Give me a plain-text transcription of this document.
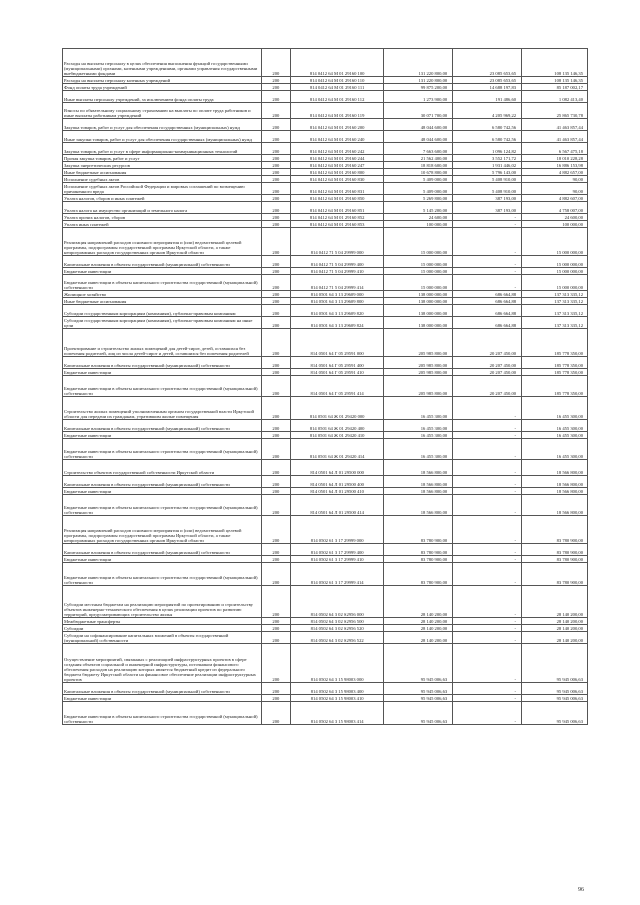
Расходы на выплаты персоналу в целях обеспечения выполнения функций государственными (муниципальными) органами, казенными учреждениями, органами управления государственными внебюджетными фондами	200	814 0412 64 М 01 29160 100	131 220 800,00	23 085 653,65	108 135 146,35
Расходы на выплаты персоналу казенных учреждений	200	814 0412 64 М 01 29160 110	131 220 800,00	23 085 653,65	108 135 146,35
Фонд оплаты труда учреждений	200	814 0412 64 М 01 29160 111	99 875 200,00	14 688 197,83	85 187 002,17
Иные выплаты персоналу учреждений, за исключением фонда оплаты труда	200	814 0412 64 М 01 29160 112	1 273 900,00	191 486,60	1 082 413,40
Взносы по обязательному социальному страхованию на выплаты по оплате труда работников и иные выплаты работникам учреждений	200	814 0412 64 М 01 29160 119	30 071 700,00	4 205 969,22	25 865 730,78
Закупка товаров, работ и услуг для обеспечения государственных (муниципальных) нужд	200	814 0412 64 М 01 29160 200	48 044 600,00	6 580 742,56	41 463 857,44
Иные закупки товаров, работ и услуг для обеспечения государственных (муниципальных) нужд	200	814 0412 64 М 01 29160 240	48 044 600,00	6 580 742,56	41 463 857,44
Закупка товаров, работ и услуг в сфере информационно-коммуникационных технологий	200	814 0412 64 М 01 29160 242	7 663 600,00	1 096 124,82	6 567 475,18
Прочая закупка товаров, работ и услуг	200	814 0412 64 М 01 29160 244	21 562 400,00	3 552 171,72	18 010 228,28
Закупка энергетических ресурсов	200	814 0412 64 М 01 29160 247	18 818 600,00	1 931 446,02	16 886 153,98
Иные бюджетные ассигнования	200	814 0412 64 М 01 29160 800	10 678 800,00	5 796 143,00	4 882 657,00
Исполнение судебных актов	200	814 0412 64 М 01 29160 830	5 409 000,00	5 408 910,00	90,00
Исполнение судебных актов Российской Федерации и мировых соглашений по возмещению причиненного вреда	200	814 0412 64 М 01 29160 831	5 409 000,00	5 408 910,00	90,00
Уплата налогов, сборов и иных платежей	200	814 0412 64 М 01 29160 850	5 269 800,00	387 193,00	4 882 607,00
Уплата налога на имущество организаций и земельного налога	200	814 0412 64 М 01 29160 851	5 145 200,00	387 193,00	4 758 007,00
Уплата прочих налогов, сборов	200	814 0412 64 М 01 29160 852	24 600,00	-	24 600,00
Уплата иных платежей	200	814 0412 64 М 01 29160 853	100 000,00	-	100 000,00
Реализация направлений расходов основного мероприятия и (или) ведомственной целевой программы, подпрограммы государственной программы Иркутской области, а также непрограммных расходов государственных органов Иркутской области	200	814 0412 71 5 04 29999 000	15 000 000,00	-	15 000 000,00
Капитальные вложения в объекты государственной (муниципальной) собственности	200	814 0412 71 5 04 29999 400	15 000 000,00	-	15 000 000,00
Бюджетные инвестиции	200	814 0412 71 5 04 29999 410	15 000 000,00	-	15 000 000,00
Бюджетные инвестиции в объекты капитального строительства государственной (муниципальной) собственности	200	814 0412 71 5 04 29999 414	15 000 000,00	-	15 000 000,00
Жилищное хозяйство	200	814 0501 64 3 13 29609 000	138 000 000,00	686 664,88	137 313 335,12
Иные бюджетные ассигнования	200	814 0501 64 3 13 29609 800	138 000 000,00	686 664,88	137 313 335,12
Субсидии государственным корпорациям (компаниям), публично-правовым компаниям	200	814 0501 64 3 13 29609 820	138 000 000,00	686 664,88	137 313 335,12
Субсидии государственным корпорациям (компаниям), публично-правовым компаниям на иные цели	200	814 0501 64 3 13 29609 824	138 000 000,00	686 664,88	137 313 335,12
Проектирование и строительство жилых помещений для детей-сирот, детей, оставшихся без попечения родителей, лиц из числа детей-сирот и детей, оставшихся без попечения родителей	200	814 0501 64 Г 05 29591 000	205 985 800,00	20 207 450,00	185 778 350,00
Капитальные вложения в объекты государственной (муниципальной) собственности	200	814 0501 64 Г 05 29591 400	205 985 800,00	20 207 450,00	185 778 350,00
Бюджетные инвестиции	200	814 0501 64 Г 05 29591 410	205 985 800,00	20 207 450,00	185 778 350,00
Бюджетные инвестиции в объекты капитального строительства государственной (муниципальной) собственности	200	814 0501 64 Г 05 29591 414	205 985 800,00	20 207 450,00	185 778 350,00
Строительство жилых помещений уполномоченным органом государственной власти Иркутской области для передачи их гражданам, утратившим жилые помещения	200	814 0501 64 Ж 01 29420 000	16 455 300,00	-	16 455 300,00
Капитальные вложения в объекты государственной (муниципальной) собственности	200	814 0501 64 Ж 01 29420 400	16 455 300,00	-	16 455 300,00
Бюджетные инвестиции	200	814 0501 64 Ж 01 29420 410	16 455 300,00	-	16 455 300,00
Бюджетные инвестиции в объекты капитального строительства государственной (муниципальной) собственности	200	814 0501 64 Ж 01 29420 414	16 455 300,00	-	16 455 300,00
Строительство объектов государственной собственности Иркутской области	200	814 0501 64 Л 01 29500 000	18 566 800,00	-	18 566 800,00
Капитальные вложения в объекты государственной (муниципальной) собственности	200	814 0501 64 Л 01 29500 400	18 566 800,00	-	18 566 800,00
Бюджетные инвестиции	200	814 0501 64 Л 01 29500 410	18 566 800,00	-	18 566 800,00
Бюджетные инвестиции в объекты капитального строительства государственной (муниципальной) собственности	200	814 0501 64 Л 01 29500 414	18 566 800,00	-	18 566 800,00
Реализация направлений расходов основного мероприятия и (или) ведомственной целевой программы, подпрограммы государственной программы Иркутской области, а также непрограммных расходов государственных органов Иркутской области	200	814 0502 61 3 17 29999 000	83 780 900,00	-	83 780 900,00
Капитальные вложения в объекты государственной (муниципальной) собственности	200	814 0502 61 3 17 29999 400	83 780 900,00	-	83 780 900,00
Бюджетные инвестиции	200	814 0502 61 3 17 29999 410	83 780 900,00	-	83 780 900,00
Бюджетные инвестиции в объекты капитального строительства государственной (муниципальной) собственности	200	814 0502 61 3 17 29999 414	83 780 900,00	-	83 780 900,00
Субсидии местным бюджетам на реализацию мероприятий по проектированию и строительству объектов инженерно-технического обеспечения в целях реализации проектов по развитию территорий, предусматривающих строительство жилья	200	814 0502 64 3 02 S2956 000	28 140 200,00	-	28 140 200,00
Межбюджетные трансферты	200	814 0502 64 3 02 S2956 500	28 140 200,00	-	28 140 200,00
Субсидии	200	814 0502 64 3 02 S2956 520	28 140 200,00	-	28 140 200,00
Субсидии на софинансирование капитальных вложений в объекты государственной (муниципальной) собственности	200	814 0502 64 3 02 S2956 522	28 140 200,00	-	28 140 200,00
Осуществление мероприятий, связанных с реализацией инфраструктурных проектов в сфере создания объектов социальной и инженерной инфраструктуры, источником финансового обеспечения расходов на реализацию которых является бюджетный кредит из федерального бюджета бюджету Иркутской области на финансовое обеспечение реализации инфраструктурных проектов	200	814 0502 64 3 15 98003 000	95 945 006,63	-	95 945 006,63
Капитальные вложения в объекты государственной (муниципальной) собственности	200	814 0502 64 3 15 98003 400	95 945 006,63	-	95 945 006,63
Бюджетные инвестиции	200	814 0502 64 3 15 98003 410	95 945 006,63	-	95 945 006,63
Бюджетные инвестиции в объекты капитального строительства государственной (муниципальной) собственности	200	814 0502 64 3 15 98003 414	95 945 006,63	-	95 945 006,63
96
